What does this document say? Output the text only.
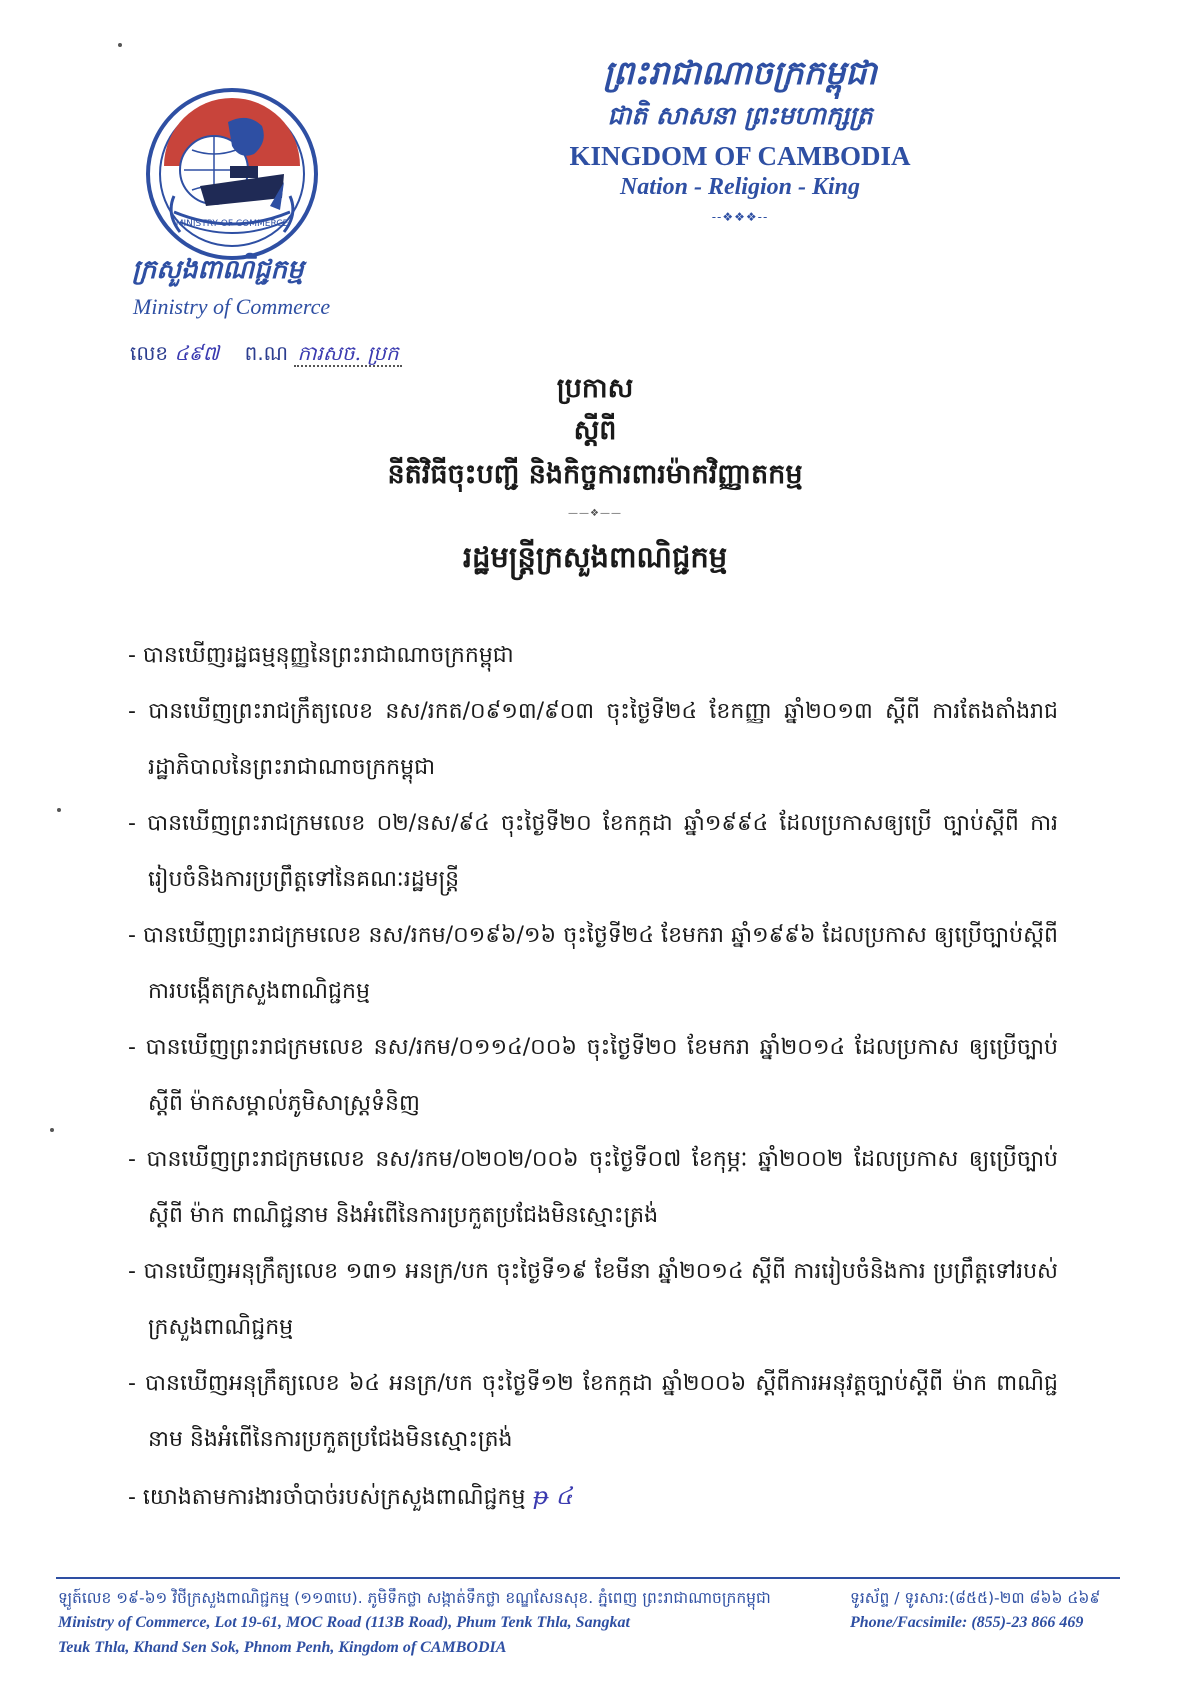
ព្រះរាជាណាចក្រកម្ពុជា
ជាតិ សាសនា ព្រះមហាក្សត្រ
KINGDOM OF CAMBODIA
Nation - Religion - King
--❖❖❖--
MINISTRY OF COMMERCE
ក្រសួងពាណិជ្ជកម្ម
Ministry of Commerce
លេខ ៤៩៧ ព.ណ ការសច. ប្រក
ប្រកាស
ស្តីពី
នីតិវិធីចុះបញ្ជី និងកិច្ចការពារម៉ាកវិញ្ញាតកម្ម
——❖——
រដ្ឋមន្ត្រីក្រសួងពាណិជ្ជកម្ម
- បានឃើញរដ្ឋធម្មនុញ្ញនៃព្រះរាជាណាចក្រកម្ពុជា
- បានឃើញព្រះរាជក្រឹត្យលេខ នស/រកត/០៩១៣/៩០៣ ចុះថ្ងៃទី២៤ ខែកញ្ញា ឆ្នាំ២០១៣ ស្តីពី ការតែងតាំងរាជរដ្ឋាភិបាលនៃព្រះរាជាណាចក្រកម្ពុជា
- បានឃើញព្រះរាជក្រមលេខ ០២/នស/៩៤ ចុះថ្ងៃទី២០ ខែកក្កដា ឆ្នាំ១៩៩៤ ដែលប្រកាសឲ្យប្រើ ច្បាប់ស្តីពី ការរៀបចំនិងការប្រព្រឹត្តទៅនៃគណៈរដ្ឋមន្ត្រី
- បានឃើញព្រះរាជក្រមលេខ នស/រកម/០១៩៦/១៦ ចុះថ្ងៃទី២៤ ខែមករា ឆ្នាំ១៩៩៦ ដែលប្រកាស ឲ្យប្រើច្បាប់ស្តីពី ការបង្កើតក្រសួងពាណិជ្ជកម្ម
- បានឃើញព្រះរាជក្រមលេខ នស/រកម/០១១៤/០០៦ ចុះថ្ងៃទី២០ ខែមករា ឆ្នាំ២០១៤ ដែលប្រកាស ឲ្យប្រើច្បាប់ស្តីពី ម៉ាកសម្គាល់ភូមិសាស្ត្រទំនិញ
- បានឃើញព្រះរាជក្រមលេខ នស/រកម/០២០២/០០៦ ចុះថ្ងៃទី០៧ ខែកុម្ភៈ ឆ្នាំ២០០២ ដែលប្រកាស ឲ្យប្រើច្បាប់ស្តីពី ម៉ាក ពាណិជ្ជនាម និងអំពើនៃការប្រកួតប្រជែងមិនស្មោះត្រង់
- បានឃើញអនុក្រឹត្យលេខ ១៣១ អនក្រ/បក ចុះថ្ងៃទី១៩ ខែមីនា ឆ្នាំ២០១៤ ស្តីពី ការរៀបចំនិងការ ប្រព្រឹត្តទៅរបស់ក្រសួងពាណិជ្ជកម្ម
- បានឃើញអនុក្រឹត្យលេខ ៦៤ អនក្រ/បក ចុះថ្ងៃទី១២ ខែកក្កដា ឆ្នាំ២០០៦ ស្តីពីការអនុវត្តច្បាប់ស្តីពី ម៉ាក ពាណិជ្ជនាម និងអំពើនៃការប្រកួតប្រជែងមិនស្មោះត្រង់
- យោងតាមការងារចាំបាច់របស់ក្រសួងពាណិជ្ជកម្ម ᵽ ៤
ឡូត៍លេខ ១៩-៦១ វិថីក្រសួងពាណិជ្ជកម្ម (១១៣បេ). ភូមិទឹកថ្លា សង្កាត់ទឹកថ្លា ខណ្ឌសែនសុខ. ភ្នំពេញ ព្រះរាជាណាចក្រកម្ពុជា
Ministry of Commerce, Lot 19-61, MOC Road (113B Road), Phum Tenk Thla, Sangkat
Teuk Thla, Khand Sen Sok, Phnom Penh, Kingdom of CAMBODIA
ទូរស័ព្ទ / ទូរសារ:(៨៥៥)-២៣ ៨៦៦ ៤៦៩
Phone/Facsimile: (855)-23 866 469
